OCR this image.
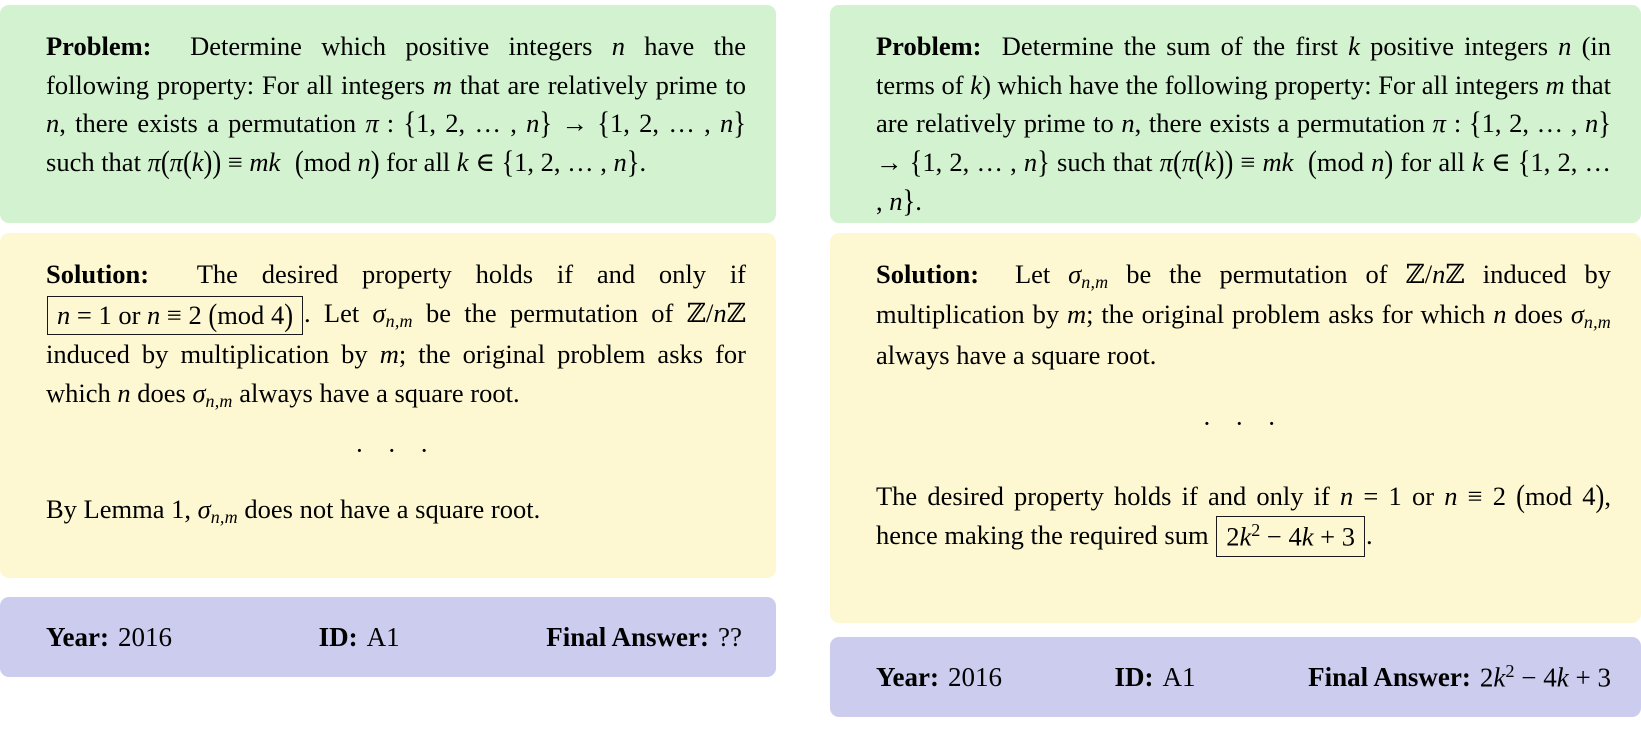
Problem: Determine which positive integers n have the following property: For all integers m that are relatively prime to n, there exists a permutation π : {1, 2, … , n} → {1, 2, … , n} such that π(π(k)) ≡ mk (mod n) for all k ∈ {1, 2, … , n}.

Solution: The desired property holds if and only if n = 1 or n ≡ 2 (mod 4) . Let $\sigma_{n,m}$ be the permutation of ℤ/nℤ induced by multiplication by m; the original problem asks for which n does $\sigma_{n,m}$ always have a square root.

· · ·

By Lemma 1, $\sigma_{n,m}$ does not have a square root.

Year: 2016	ID: A1	Final Answer: ??
Problem: Determine the sum of the first k positive integers n (in terms of k) which have the following property: For all integers m that are relatively prime to n, there exists a permutation π : {1, 2, … , n} → {1, 2, … , n} such that π(π(k)) ≡ mk (mod n) for all k ∈ {1, 2, … , n}.

Solution: Let $\sigma_{n,m}$ be the permutation of ℤ/nℤ induced by multiplication by m; the original problem asks for which n does $\sigma_{n,m}$ always have a square root.

· · ·

The desired property holds if and only if n = 1 or n ≡ 2 (mod 4), hence making the required sum $2k^2 - 4k + 3$ .

Year: 2016	ID: A1	Final Answer: $2k^2 - 4k + 3$
